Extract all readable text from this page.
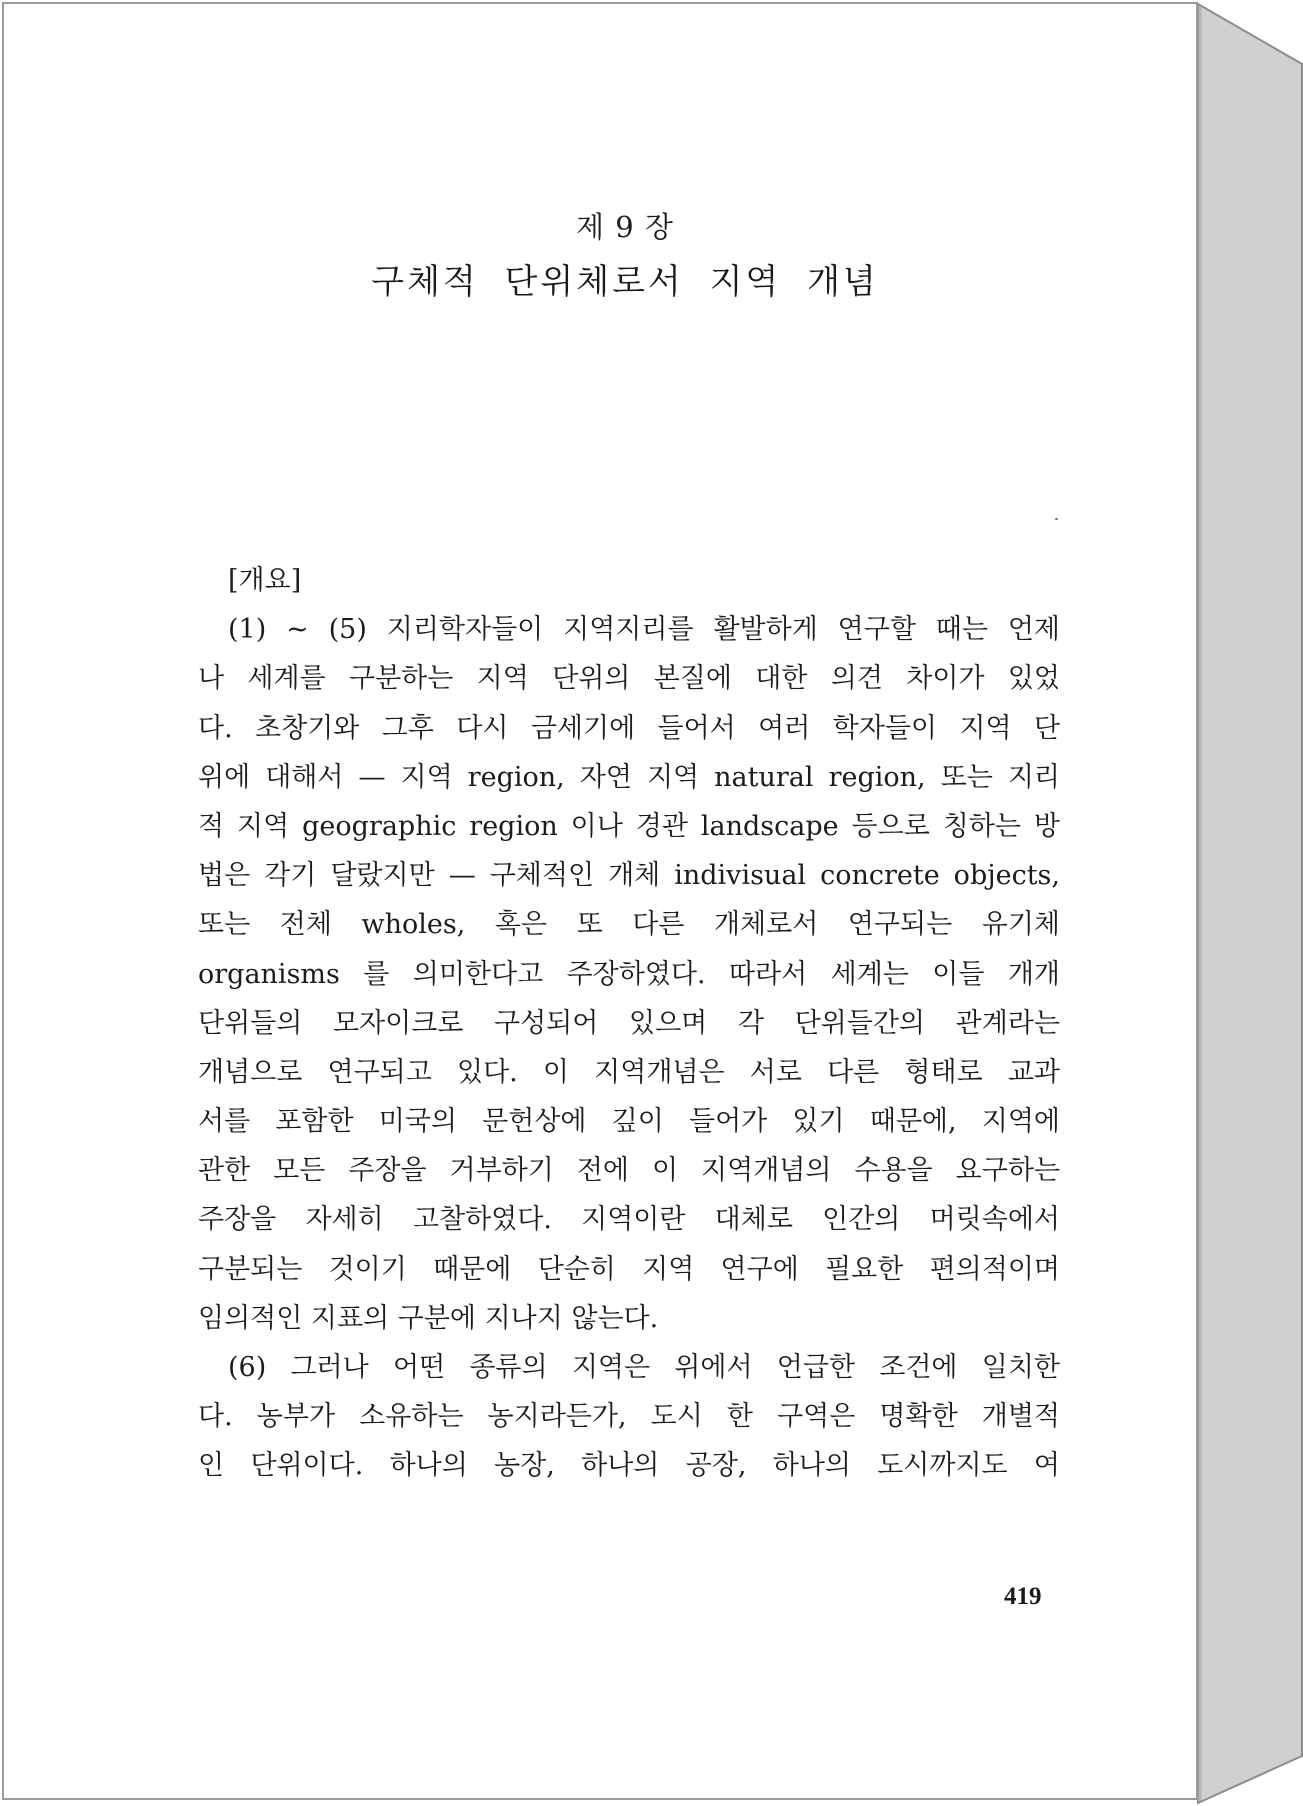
제 9 장
구체적 단위체로서 지역 개념
[개요]
(1) ~ (5) 지리학자들이 지역지리를 활발하게 연구할 때는 언제
나 세계를 구분하는 지역 단위의 본질에 대한 의견 차이가 있었
다. 초창기와 그후 다시 금세기에 들어서 여러 학자들이 지역 단
위에 대해서 — 지역 region, 자연 지역 natural region, 또는 지리
적 지역 geographic region 이나 경관 landscape 등으로 칭하는 방
법은 각기 달랐지만 — 구체적인 개체 indivisual concrete objects,
또는 전체 wholes, 혹은 또 다른 개체로서 연구되는 유기체
organisms 를 의미한다고 주장하였다. 따라서 세계는 이들 개개
단위들의 모자이크로 구성되어 있으며 각 단위들간의 관계라는
개념으로 연구되고 있다. 이 지역개념은 서로 다른 형태로 교과
서를 포함한 미국의 문헌상에 깊이 들어가 있기 때문에, 지역에
관한 모든 주장을 거부하기 전에 이 지역개념의 수용을 요구하는
주장을 자세히 고찰하였다. 지역이란 대체로 인간의 머릿속에서
구분되는 것이기 때문에 단순히 지역 연구에 필요한 편의적이며
임의적인 지표의 구분에 지나지 않는다.
(6) 그러나 어떤 종류의 지역은 위에서 언급한 조건에 일치한
다. 농부가 소유하는 농지라든가, 도시 한 구역은 명확한 개별적
인 단위이다. 하나의 농장, 하나의 공장, 하나의 도시까지도 여
419
